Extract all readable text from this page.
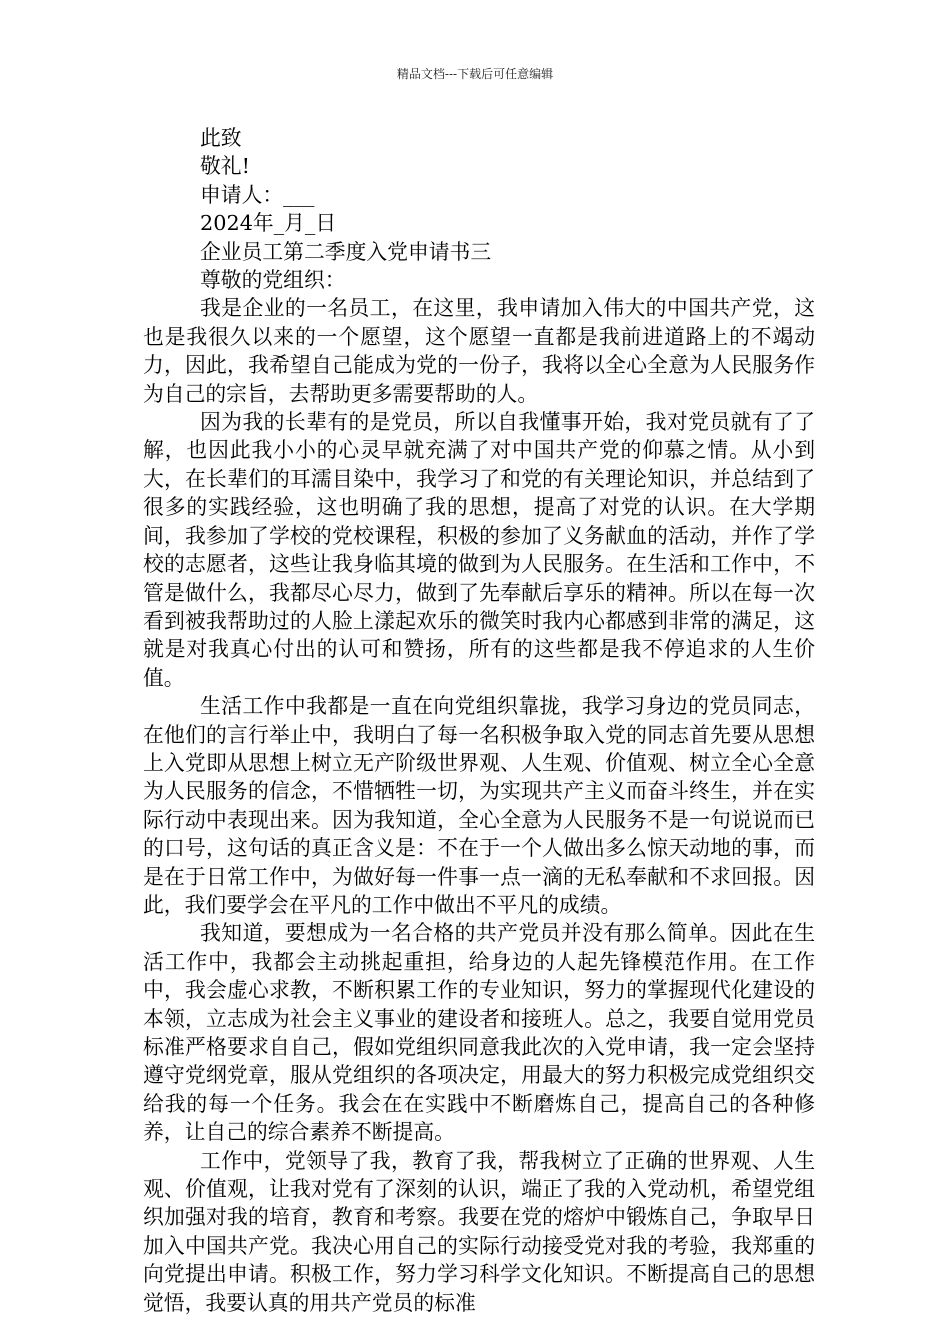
精品文档---下载后可任意编辑

此致

敬礼!

申请人：___

2024年_月_日

企业员工第二季度入党申请书三

尊敬的党组织：

我是企业的一名员工，在这里，我申请加入伟大的中国共产党，这也是我很久以来的一个愿望，这个愿望一直都是我前进道路上的不竭动力，因此，我希望自己能成为党的一份子，我将以全心全意为人民服务作为自己的宗旨，去帮助更多需要帮助的人。

因为我的长辈有的是党员，所以自我懂事开始，我对党员就有了了解，也因此我小小的心灵早就充满了对中国共产党的仰慕之情。从小到大，在长辈们的耳濡目染中，我学习了和党的有关理论知识，并总结到了很多的实践经验，这也明确了我的思想，提高了对党的认识。在大学期间，我参加了学校的党校课程，积极的参加了义务献血的活动，并作了学校的志愿者，这些让我身临其境的做到为人民服务。在生活和工作中，不管是做什么，我都尽心尽力，做到了先奉献后享乐的精神。所以在每一次看到被我帮助过的人脸上漾起欢乐的微笑时我内心都感到非常的满足，这就是对我真心付出的认可和赞扬，所有的这些都是我不停追求的人生价值。

生活工作中我都是一直在向党组织靠拢，我学习身边的党员同志，在他们的言行举止中，我明白了每一名积极争取入党的同志首先要从思想上入党即从思想上树立无产阶级世界观、人生观、价值观、树立全心全意为人民服务的信念，不惜牺牲一切，为实现共产主义而奋斗终生，并在实际行动中表现出来。因为我知道，全心全意为人民服务不是一句说说而已的口号，这句话的真正含义是：不在于一个人做出多么惊天动地的事，而是在于日常工作中，为做好每一件事一点一滴的无私奉献和不求回报。因此，我们要学会在平凡的工作中做出不平凡的成绩。

我知道，要想成为一名合格的共产党员并没有那么简单。因此在生活工作中，我都会主动挑起重担，给身边的人起先锋模范作用。在工作中，我会虚心求教，不断积累工作的专业知识，努力的掌握现代化建设的本领，立志成为社会主义事业的建设者和接班人。总之，我要自觉用党员标准严格要求自自己，假如党组织同意我此次的入党申请，我一定会坚持遵守党纲党章，服从党组织的各项决定，用最大的努力积极完成党组织交给我的每一个任务。我会在在实践中不断磨炼自己，提高自己的各种修养，让自己的综合素养不断提高。

工作中，党领导了我，教育了我，帮我树立了正确的世界观、人生观、价值观，让我对党有了深刻的认识，端正了我的入党动机，希望党组织加强对我的培育，教育和考察。我要在党的熔炉中锻炼自己，争取早日加入中国共产党。我决心用自己的实际行动接受党对我的考验，我郑重的向党提出申请。积极工作，努力学习科学文化知识。不断提高自己的思想觉悟，我要认真的用共产党员的标准
